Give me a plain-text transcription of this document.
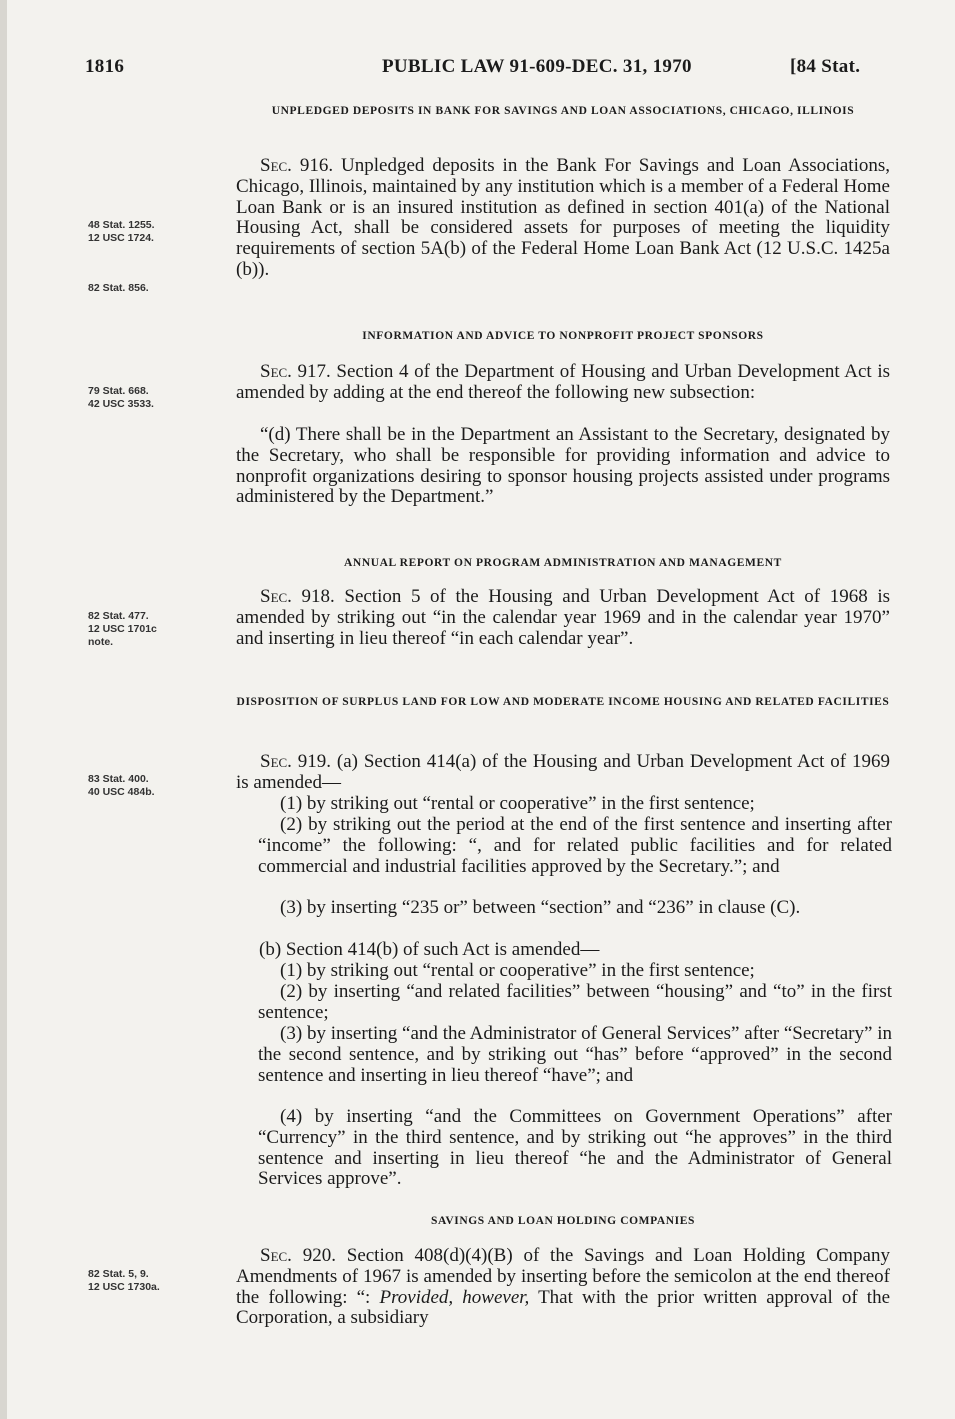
1816	PUBLIC LAW 91-609-DEC. 31, 1970	[84 Stat.
UNPLEDGED DEPOSITS IN BANK FOR SAVINGS AND LOAN ASSOCIATIONS, CHICAGO, ILLINOIS
Sec. 916. Unpledged deposits in the Bank For Savings and Loan Associations, Chicago, Illinois, maintained by any institution which is a member of a Federal Home Loan Bank or is an insured institution as defined in section 401(a) of the National Housing Act, shall be considered assets for purposes of meeting the liquidity requirements of section 5A(b) of the Federal Home Loan Bank Act (12 U.S.C. 1425a (b)).
48 Stat. 1255.
12 USC 1724.
82 Stat. 856.
INFORMATION AND ADVICE TO NONPROFIT PROJECT SPONSORS
Sec. 917. Section 4 of the Department of Housing and Urban Development Act is amended by adding at the end thereof the following new subsection:
“(d) There shall be in the Department an Assistant to the Secretary, designated by the Secretary, who shall be responsible for providing information and advice to nonprofit organizations desiring to sponsor housing projects assisted under programs administered by the Department.”
79 Stat. 668.
42 USC 3533.
ANNUAL REPORT ON PROGRAM ADMINISTRATION AND MANAGEMENT
Sec. 918. Section 5 of the Housing and Urban Development Act of 1968 is amended by striking out “in the calendar year 1969 and in the calendar year 1970” and inserting in lieu thereof “in each calendar year”.
82 Stat. 477.
12 USC 1701c
note.
DISPOSITION OF SURPLUS LAND FOR LOW AND MODERATE INCOME HOUSING AND RELATED FACILITIES
Sec. 919. (a) Section 414(a) of the Housing and Urban Development Act of 1969 is amended—
83 Stat. 400.
40 USC 484b.
(1) by striking out “rental or cooperative” in the first sentence;
(2) by striking out the period at the end of the first sentence and inserting after “income” the following: “, and for related public facilities and for related commercial and industrial facilities approved by the Secretary.”; and
(3) by inserting “235 or” between “section” and “236” in clause (C).
(b) Section 414(b) of such Act is amended—
(1) by striking out “rental or cooperative” in the first sentence;
(2) by inserting “and related facilities” between “housing” and “to” in the first sentence;
(3) by inserting “and the Administrator of General Services” after “Secretary” in the second sentence, and by striking out “has” before “approved” in the second sentence and inserting in lieu thereof “have”; and
(4) by inserting “and the Committees on Government Operations” after “Currency” in the third sentence, and by striking out “he approves” in the third sentence and inserting in lieu thereof “he and the Administrator of General Services approve”.
SAVINGS AND LOAN HOLDING COMPANIES
Sec. 920. Section 408(d)(4)(B) of the Savings and Loan Holding Company Amendments of 1967 is amended by inserting before the semicolon at the end thereof the following: “: Provided, however, That with the prior written approval of the Corporation, a subsidiary
82 Stat. 5, 9.
12 USC 1730a.
